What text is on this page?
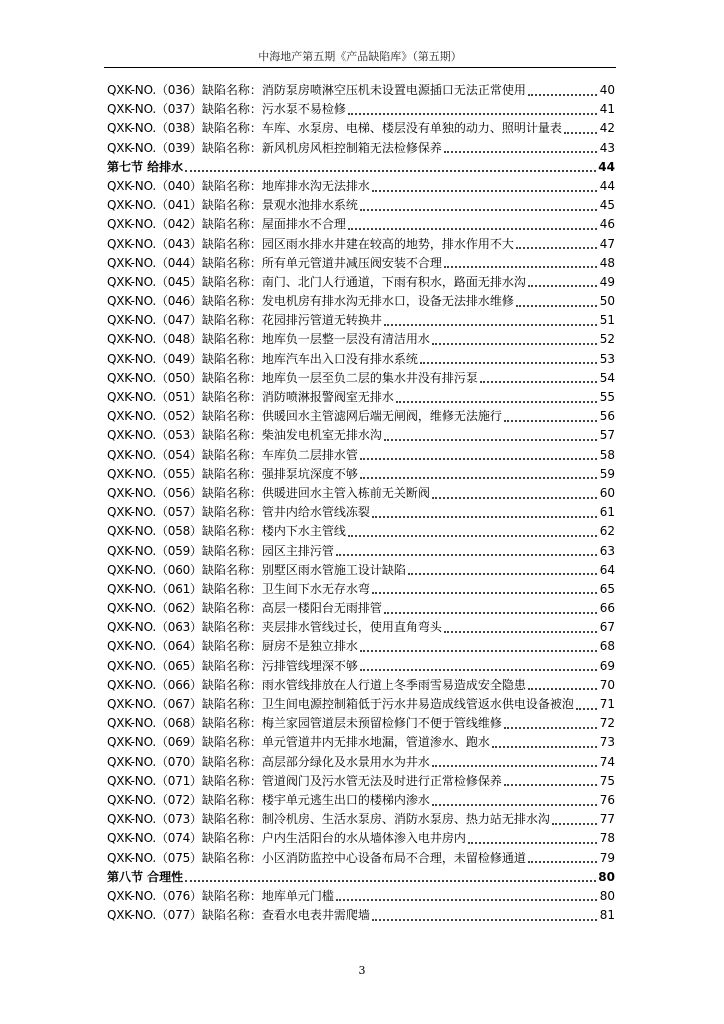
中海地产第五期《产品缺陷库》（第五期）
QXK-NO.（036） 缺陷名称： 消防泵房喷淋空压机未设置电源插口无法正常使用	40
QXK-NO.（037） 缺陷名称： 污水泵不易检修	41
QXK-NO.（038） 缺陷名称： 车库、水泵房、电梯、楼层没有单独的动力、照明计量表	42
QXK-NO.（039） 缺陷名称： 新风机房风柜控制箱无法检修保养	43
第七节 给排水	44
QXK-NO.（040） 缺陷名称： 地库排水沟无法排水	44
QXK-NO.（041） 缺陷名称： 景观水池排水系统	45
QXK-NO.（042） 缺陷名称： 屋面排水不合理	46
QXK-NO.（043） 缺陷名称： 园区雨水排水井建在较高的地势，排水作用不大	47
QXK-NO.（044） 缺陷名称： 所有单元管道井减压阀安装不合理	48
QXK-NO.（045） 缺陷名称： 南门、北门人行通道，下雨有积水，路面无排水沟	49
QXK-NO.（046） 缺陷名称： 发电机房有排水沟无排水口，设备无法排水维修	50
QXK-NO.（047） 缺陷名称： 花园排污管道无转换井	51
QXK-NO.（048） 缺陷名称： 地库负一层整一层没有清洁用水	52
QXK-NO.（049） 缺陷名称： 地库汽车出入口没有排水系统	53
QXK-NO.（050） 缺陷名称： 地库负一层至负二层的集水井没有排污泵	54
QXK-NO.（051） 缺陷名称： 消防喷淋报警阀室无排水	55
QXK-NO.（052） 缺陷名称： 供暖回水主管滤网后端无闸阀，维修无法施行	56
QXK-NO.（053） 缺陷名称： 柴油发电机室无排水沟	57
QXK-NO.（054） 缺陷名称： 车库负二层排水管	58
QXK-NO.（055） 缺陷名称： 强排泵坑深度不够	59
QXK-NO.（056） 缺陷名称： 供暖进回水主管入栋前无关断阀	60
QXK-NO.（057） 缺陷名称： 管井内给水管线冻裂	61
QXK-NO.（058） 缺陷名称： 楼内下水主管线	62
QXK-NO.（059） 缺陷名称： 园区主排污管	63
QXK-NO.（060） 缺陷名称： 别墅区雨水管施工设计缺陷	64
QXK-NO.（061） 缺陷名称： 卫生间下水无存水弯	65
QXK-NO.（062） 缺陷名称： 高层一楼阳台无雨排管	66
QXK-NO.（063） 缺陷名称： 夹层排水管线过长，使用直角弯头	67
QXK-NO.（064） 缺陷名称： 厨房不是独立排水	68
QXK-NO.（065） 缺陷名称： 污排管线埋深不够	69
QXK-NO.（066） 缺陷名称： 雨水管线排放在人行道上冬季雨雪易造成安全隐患	70
QXK-NO.（067） 缺陷名称： 卫生间电源控制箱低于污水井易造成线管返水供电设备被泡 71
QXK-NO.（068） 缺陷名称： 梅兰家园管道层未预留检修门不便于管线维修	72
QXK-NO.（069） 缺陷名称： 单元管道井内无排水地漏，管道渗水、跑水	73
QXK-NO.（070） 缺陷名称： 高层部分绿化及水景用水为井水	74
QXK-NO.（071） 缺陷名称： 管道阀门及污水管无法及时进行正常检修保养	75
QXK-NO.（072） 缺陷名称： 楼宇单元逃生出口的楼梯内渗水	76
QXK-NO.（073） 缺陷名称： 制冷机房、生活水泵房、消防水泵房、热力站无排水沟	77
QXK-NO.（074） 缺陷名称： 户内生活阳台的水从墙体渗入电井房内	78
QXK-NO.（075） 缺陷名称： 小区消防监控中心设备布局不合理，未留检修通道	79
第八节 合理性	80
QXK-NO.（076） 缺陷名称： 地库单元门槛	80
QXK-NO.（077） 缺陷名称： 查看水电表井需爬墙	81
3
